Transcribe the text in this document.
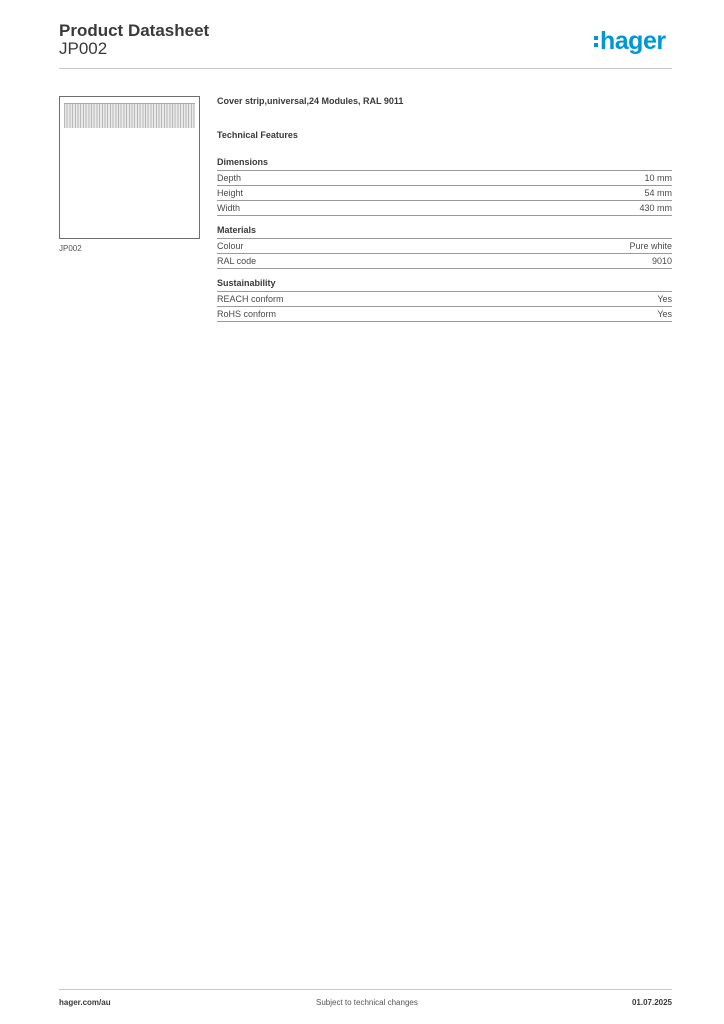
Product Datasheet
JP002	hager
JP002

Cover strip,universal,24 Modules, RAL 9011

Technical Features
Dimensions
Depth	10 mm
Height	54 mm
Width	430 mm
Materials
Colour	Pure white
RAL code	9010
Sustainability
REACH conform	Yes
RoHS conform	Yes
hager.com/au	Subject to technical changes	01.07.2025
